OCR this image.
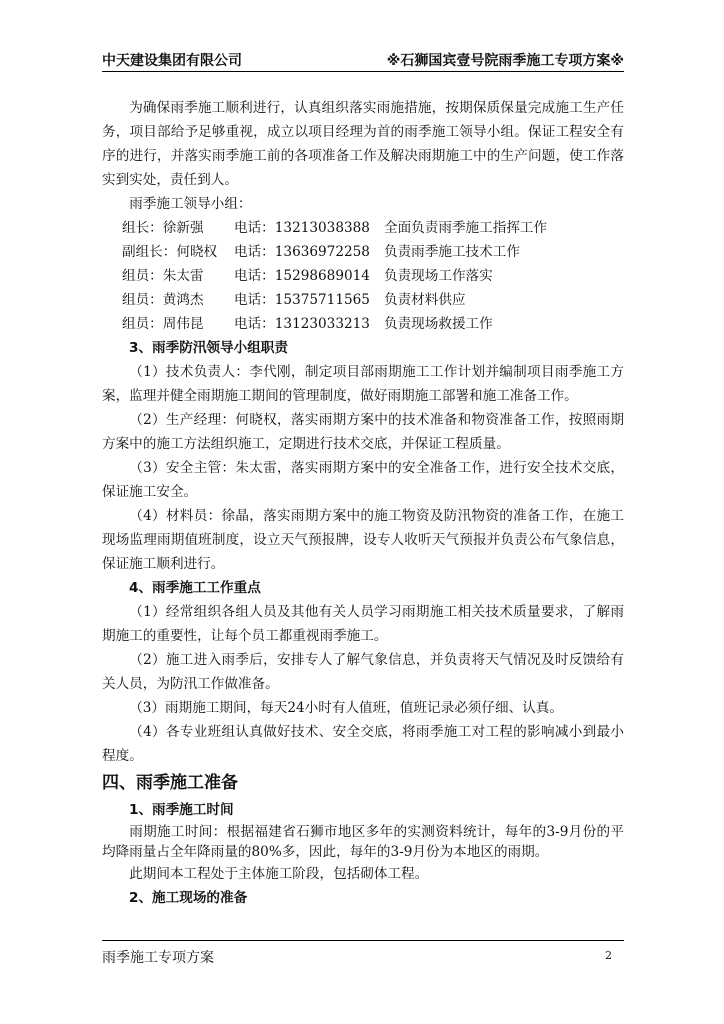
中天建设集团有限公司	※石狮国宾壹号院雨季施工专项方案※

为确保雨季施工顺利进行，认真组织落实雨施措施，按期保质保量完成施工生产任务，项目部给予足够重视，成立以项目经理为首的雨季施工领导小组。保证工程安全有序的进行，并落实雨季施工前的各项准备工作及解决雨期施工中的生产问题，使工作落实到实处，责任到人。

雨季施工领导小组：

组长：徐新强	电话：13213038388	全面负责雨季施工指挥工作
副组长：何晓权	电话：13636972258	负责雨季施工技术工作
组员：朱太雷	电话：15298689014	负责现场工作落实
组员：黄鸿杰	电话：15375711565	负责材料供应
组员：周伟昆	电话：13123033213	负责现场救援工作

3、雨季防汛领导小组职责

（1）技术负责人：李代刚，制定项目部雨期施工工作计划并编制项目雨季施工方案，监理并健全雨期施工期间的管理制度，做好雨期施工部署和施工准备工作。

（2）生产经理：何晓权，落实雨期方案中的技术准备和物资准备工作，按照雨期方案中的施工方法组织施工，定期进行技术交底，并保证工程质量。

（3）安全主管：朱太雷，落实雨期方案中的安全准备工作，进行安全技术交底，保证施工安全。

（4）材料员：徐晶，落实雨期方案中的施工物资及防汛物资的准备工作，在施工现场监理雨期值班制度，设立天气预报牌，设专人收听天气预报并负责公布气象信息，保证施工顺利进行。

4、雨季施工工作重点

（1）经常组织各组人员及其他有关人员学习雨期施工相关技术质量要求，了解雨期施工的重要性，让每个员工都重视雨季施工。

（2）施工进入雨季后，安排专人了解气象信息，并负责将天气情况及时反馈给有关人员，为防汛工作做准备。

（3）雨期施工期间，每天24小时有人值班，值班记录必须仔细、认真。

（4）各专业班组认真做好技术、安全交底，将雨季施工对工程的影响减小到最小程度。

四、雨季施工准备

1、雨季施工时间

雨期施工时间：根据福建省石狮市地区多年的实测资料统计，每年的3-9月份的平均降雨量占全年降雨量的80%多，因此，每年的3-9月份为本地区的雨期。

此期间本工程处于主体施工阶段，包括砌体工程。

2、施工现场的准备

雨季施工专项方案	2
